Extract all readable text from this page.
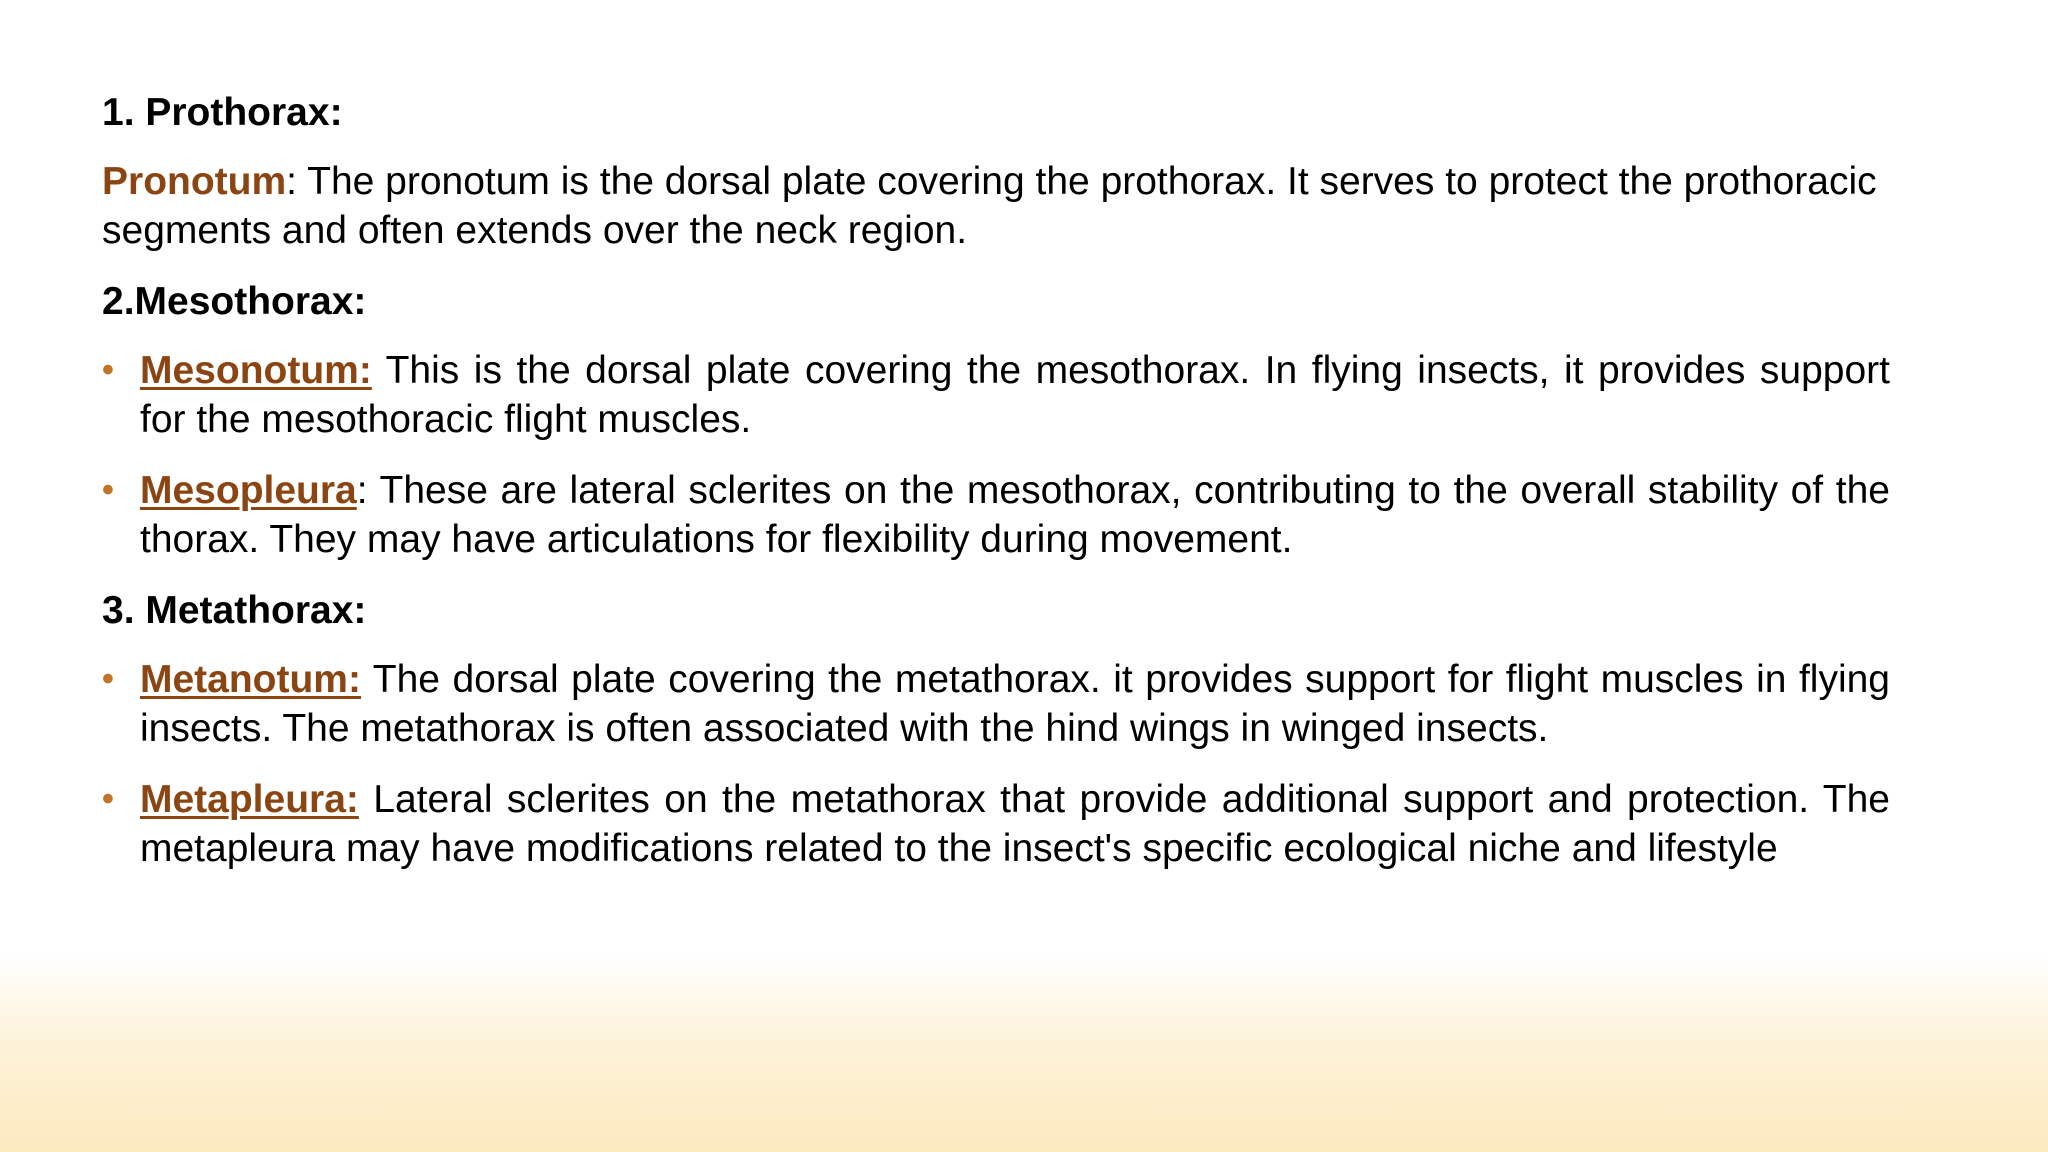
1. Prothorax:
Pronotum: The pronotum is the dorsal plate covering the prothorax. It serves to protect the prothoracic segments and often extends over the neck region.
2.Mesothorax:
• Mesonotum: This is the dorsal plate covering the mesothorax. In flying insects, it provides support for the mesothoracic flight muscles.
• Mesopleura: These are lateral sclerites on the mesothorax, contributing to the overall stability of the thorax. They may have articulations for flexibility during movement.
3. Metathorax:
• Metanotum: The dorsal plate covering the metathorax. it provides support for flight muscles in flying insects. The metathorax is often associated with the hind wings in winged insects.
• Metapleura: Lateral sclerites on the metathorax that provide additional support and protection. The metapleura may have modifications related to the insect's specific ecological niche and lifestyle
